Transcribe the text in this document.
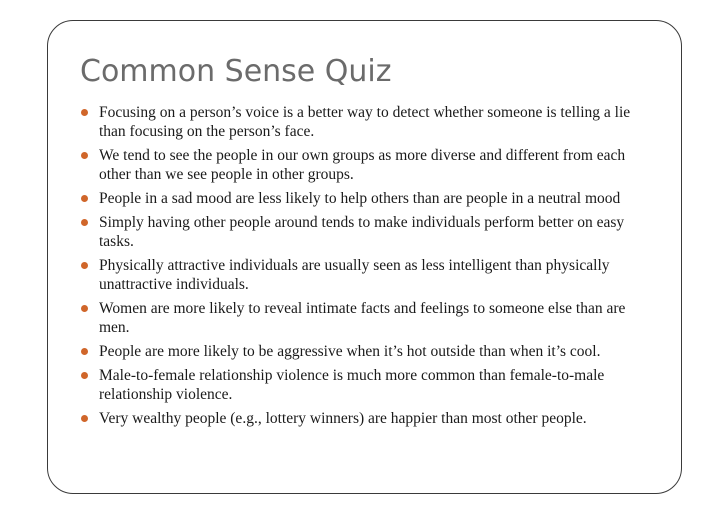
Common Sense Quiz
Focusing on a person’s voice is a better way to detect whether someone is telling a lie than focusing on the person’s face.
We tend to see the people in our own groups as more diverse and different from each other than we see people in other groups.
People in a sad mood are less likely to help others than are people in a neutral mood
Simply having other people around tends to make individuals perform better on easy tasks.
Physically attractive individuals are usually seen as less intelligent than physically unattractive individuals.
Women are more likely to reveal intimate facts and feelings to someone else than are men.
People are more likely to be aggressive when it’s hot outside than when it’s cool.
Male-to-female relationship violence is much more common than female-to-male relationship violence.
Very wealthy people (e.g., lottery winners) are happier than most other people.
